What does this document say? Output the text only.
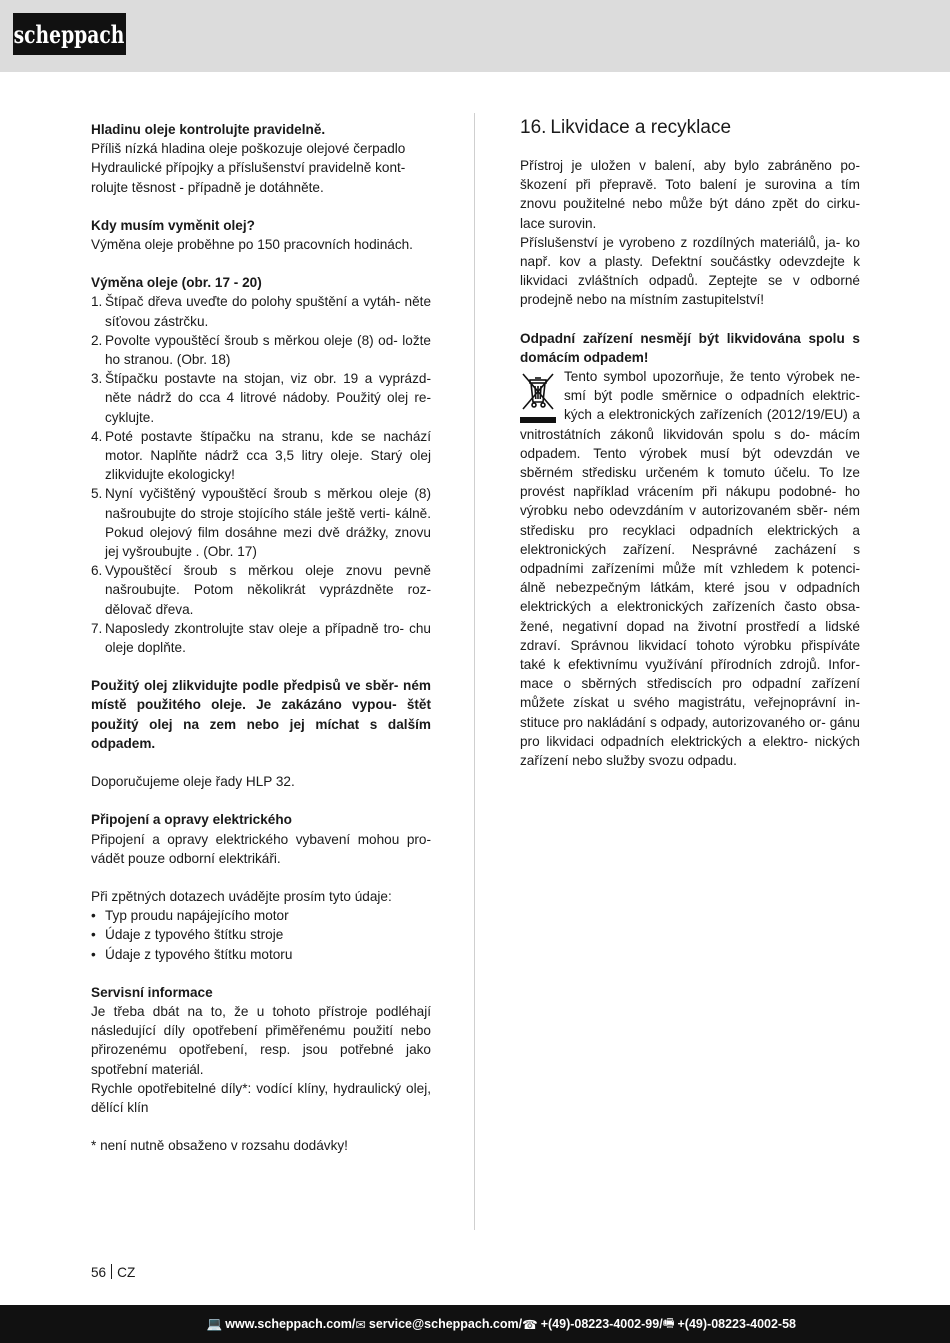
scheppach

Hladinu oleje kontrolujte pravidelně.

Příliš nízká hladina oleje poškozuje olejové čerpadlo

Hydraulické přípojky a příslušenství pravidelně kont-

rolujte těsnost - případně je dotáhněte.

Kdy musím vyměnit olej?

Výměna oleje proběhne po 150 pracovních hodinách.

Výměna oleje (obr. 17 - 20)

1. Štípač dřeva uveďte do polohy spuštění a vytáh- něte síťovou zástrčku.
2. Povolte vypouštěcí šroub s měrkou oleje (8) od- ložte ho stranou. (Obr. 18)
3. Štípačku postavte na stojan, viz obr. 19 a vyprázd- něte nádrž do cca 4 litrové nádoby. Použitý olej re- cyklujte.
4. Poté postavte štípačku na stranu, kde se nachází motor. Naplňte nádrž cca 3,5 litry oleje. Starý olej zlikvidujte ekologicky!
5. Nyní vyčištěný vypouštěcí šroub s měrkou oleje (8) našroubujte do stroje stojícího stále ještě verti- kálně. Pokud olejový film dosáhne mezi dvě drážky, znovu jej vyšroubujte . (Obr. 17)
6. Vypouštěcí šroub s měrkou oleje znovu pevně našroubujte. Potom několikrát vyprázdněte roz- dělovač dřeva.
7. Naposledy zkontrolujte stav oleje a případně tro- chu oleje doplňte.

Použitý olej zlikvidujte podle předpisů ve sběr- ném místě použitého oleje. Je zakázáno vypou- štět použitý olej na zem nebo jej míchat s dalším odpadem.

Doporučujeme oleje řady HLP 32.

Připojení a opravy elektrického

Připojení a opravy elektrického vybavení mohou pro- vádět pouze odborní elektrikáři.

Při zpětných dotazech uvádějte prosím tyto údaje:

• Typ proudu napájejícího motor
• Údaje z typového štítku stroje
• Údaje z typového štítku motoru

Servisní informace

Je třeba dbát na to, že u tohoto přístroje podléhají následující díly opotřebení přiměřenému použití nebo přirozenému opotřebení, resp. jsou potřebné jako spotřební materiál.

Rychle opotřebitelné díly*: vodící klíny, hydraulický olej, dělící klín

* není nutně obsaženo v rozsahu dodávky!

16. Likvidace a recyklace

Přístroj je uložen v balení, aby bylo zabráněno po- škození při přepravě. Toto balení je surovina a tím znovu použitelné nebo může být dáno zpět do cirku- lace surovin.

Příslušenství je vyrobeno z rozdílných materiálů, ja- ko např. kov a plasty. Defektní součástky odevzdejte k likvidaci zvláštních odpadů. Zeptejte se v odborné prodejně nebo na místním zastupitelství!

Odpadní zařízení nesmějí být likvidována spolu s domácím odpadem!

Tento symbol upozorňuje, že tento výrobek ne- smí být podle směrnice o odpadních elektric- kých a elektronických zařízeních (2012/19/EU) a vnitrostátních zákonů likvidován spolu s do- mácím odpadem. Tento výrobek musí být odevzdán ve sběrném středisku určeném k tomuto účelu. To lze provést například vrácením při nákupu podobné- ho výrobku nebo odevzdáním v autorizovaném sběr- ném středisku pro recyklaci odpadních elektrických a elektronických zařízení. Nesprávné zacházení s odpadními zařízeními může mít vzhledem k potenci- álně nebezpečným látkám, které jsou v odpadních elektrických a elektronických zařízeních často obsa- žené, negativní dopad na životní prostředí a lidské zdraví. Správnou likvidací tohoto výrobku přispíváte také k efektivnímu využívání přírodních zdrojů. Infor- mace o sběrných střediscích pro odpadní zařízení můžete získat u svého magistrátu, veřejnoprávní in- stituce pro nakládání s odpady, autorizovaného or- gánu pro likvidaci odpadních elektrických a elektro- nických zařízení nebo služby svozu odpadu.

56 CZ
💻 www.scheppach.com / ✉ service@scheppach.com / ☎ +(49)-08223-4002-99 / 🖷 +(49)-08223-4002-58
